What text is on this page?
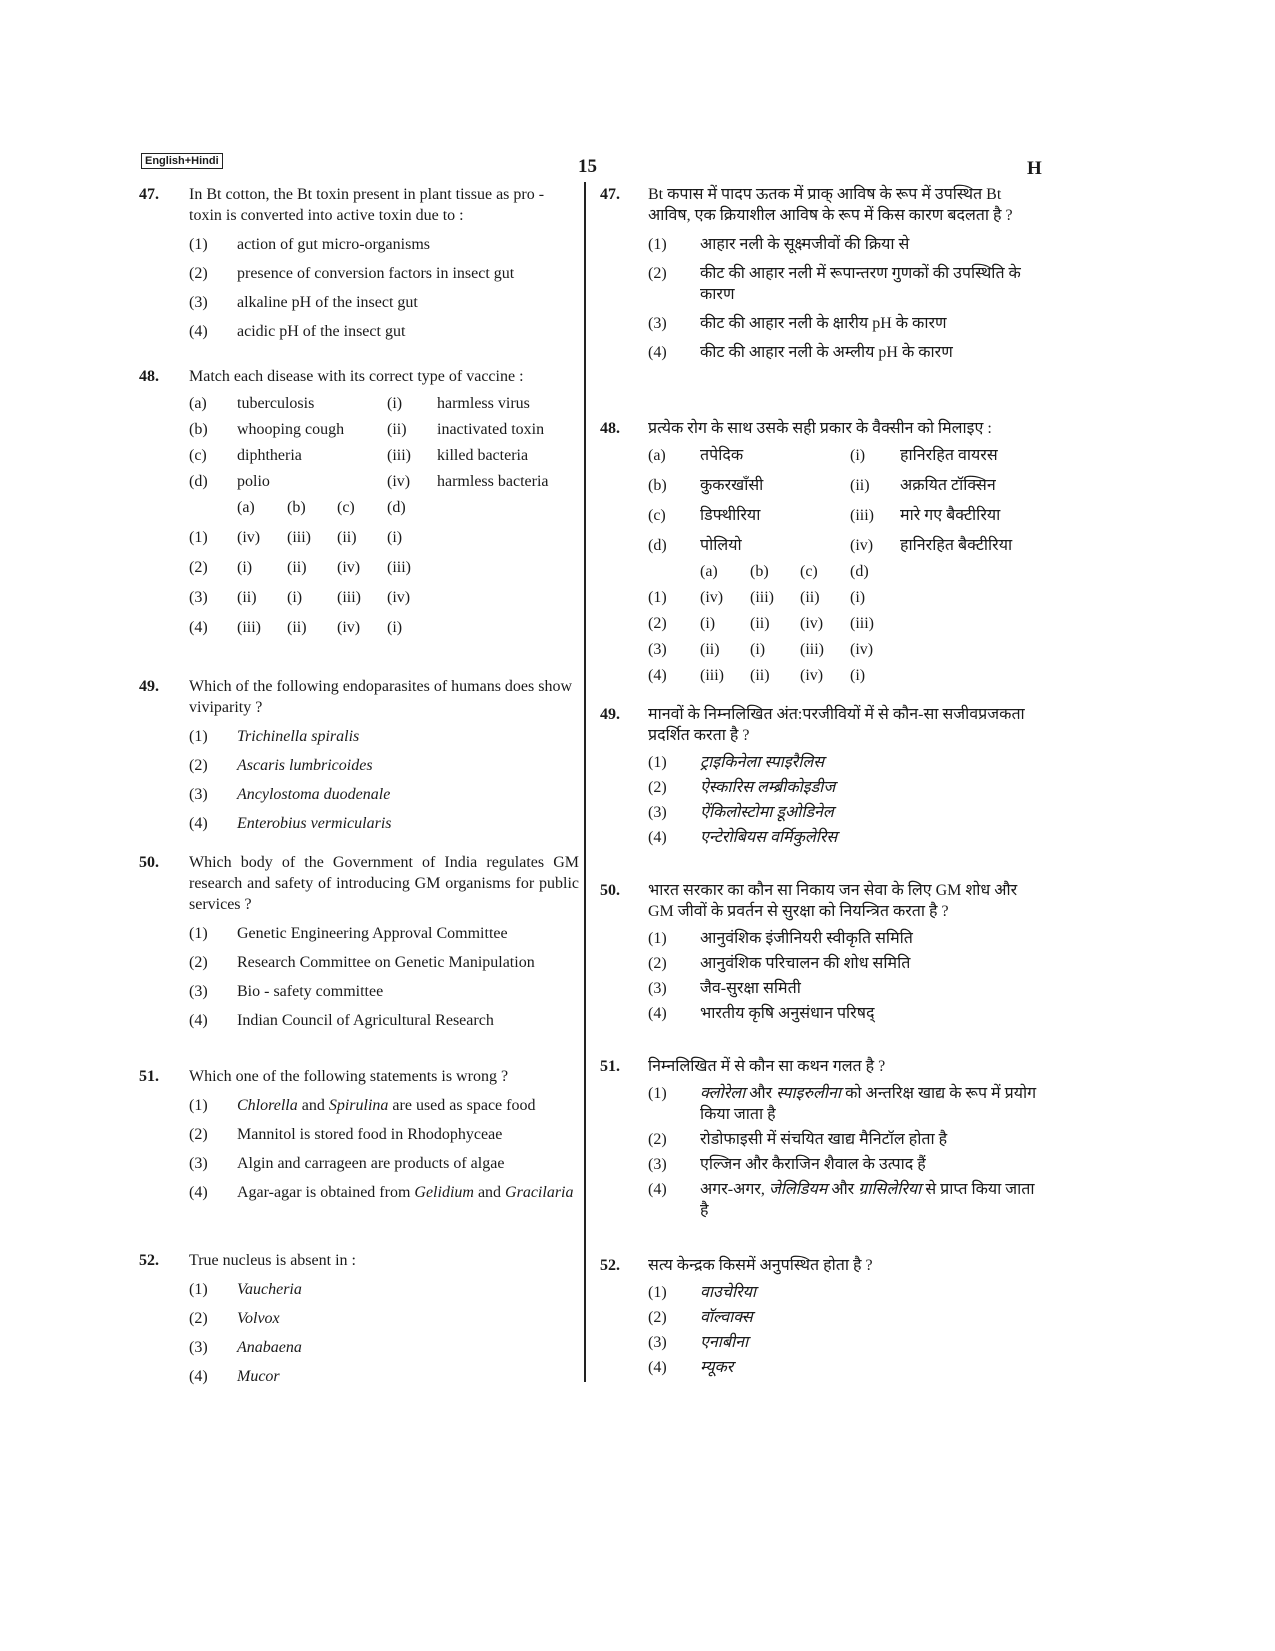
English+Hindi	15	H
47. In Bt cotton, the Bt toxin present in plant tissue as pro - toxin is converted into active toxin due to :
(1) action of gut micro-organisms
(2) presence of conversion factors in insect gut
(3) alkaline pH of the insect gut
(4) acidic pH of the insect gut
48. Match each disease with its correct type of vaccine :
(a)	tuberculosis	(i)	harmless virus
(b)	whooping cough	(ii)	inactivated toxin
(c)	diphtheria	(iii)	killed bacteria
(d)	polio	(iv)	harmless bacteria
(a)	(b)	(c)	(d)
(1)	(iv)	(iii)	(ii)	(i)
(2)	(i)	(ii)	(iv)	(iii)
(3)	(ii)	(i)	(iii)	(iv)
(4)	(iii)	(ii)	(iv)	(i)
49. Which of the following endoparasites of humans does show viviparity ?
(1) Trichinella spiralis
(2) Ascaris lumbricoides
(3) Ancylostoma duodenale
(4) Enterobius vermicularis
50. Which body of the Government of India regulates GM research and safety of introducing GM organisms for public services ?
(1) Genetic Engineering Approval Committee
(2) Research Committee on Genetic Manipulation
(3) Bio - safety committee
(4) Indian Council of Agricultural Research
51. Which one of the following statements is wrong ?
(1) Chlorella and Spirulina are used as space food
(2) Mannitol is stored food in Rhodophyceae
(3) Algin and carrageen are products of algae
(4) Agar-agar is obtained from Gelidium and Gracilaria
52. True nucleus is absent in :
(1) Vaucheria
(2) Volvox
(3) Anabaena
(4) Mucor
47. Bt कपास में पादप ऊतक में प्राक् आविष के रूप में उपस्थित Bt आविष, एक क्रियाशील आविष के रूप में किस कारण बदलता है ?
(1) आहार नली के सूक्ष्मजीवों की क्रिया से
(2) कीट की आहार नली में रूपान्तरण गुणकों की उपस्थिति के कारण
(3) कीट की आहार नली के क्षारीय pH के कारण
(4) कीट की आहार नली के अम्लीय pH के कारण
48. प्रत्येक रोग के साथ उसके सही प्रकार के वैक्सीन को मिलाइए :
(a)	तपेदिक	(i)	हानिरहित वायरस
(b)	कुकरखाँसी	(ii)	अक्रयित टॉक्सिन
(c)	डिफ्थीरिया	(iii)	मारे गए बैक्टीरिया
(d)	पोलियो	(iv)	हानिरहित बैक्टीरिया
(a)	(b)	(c)	(d)
(1)	(iv)	(iii)	(ii)	(i)
(2)	(i)	(ii)	(iv)	(iii)
(3)	(ii)	(i)	(iii)	(iv)
(4)	(iii)	(ii)	(iv)	(i)
49. मानवों के निम्नलिखित अंत:परजीवियों में से कौन-सा सजीवप्रजकता प्रदर्शित करता है ?
(1) ट्राइकिनेला स्पाइरैलिस
(2) ऐस्कारिस लम्ब्रीकोइडीज
(3) ऐंकिलोस्टोमा डूओडिनेल
(4) एन्टेरोबियस वर्मिकुलेरिस
50. भारत सरकार का कौन सा निकाय जन सेवा के लिए GM शोध और GM जीवों के प्रवर्तन से सुरक्षा को नियन्त्रित करता है ?
(1) आनुवंशिक इंजीनियरी स्वीकृति समिति
(2) आनुवंशिक परिचालन की शोध समिति
(3) जैव-सुरक्षा समिती
(4) भारतीय कृषि अनुसंधान परिषद्
51. निम्नलिखित में से कौन सा कथन गलत है ?
(1) क्लोरेला और स्पाइरुलीना को अन्तरिक्ष खाद्य के रूप में प्रयोग किया जाता है
(2) रोडोफाइसी में संचयित खाद्य मैनिटॉल होता है
(3) एल्जिन और कैराजिन शैवाल के उत्पाद हैं
(4) अगर-अगर, जेलिडियम और ग्रासिलेरिया से प्राप्त किया जाता है
52. सत्य केन्द्रक किसमें अनुपस्थित होता है ?
(1) वाउचेरिया
(2) वॉल्वाक्स
(3) एनाबीना
(4) म्यूकर
